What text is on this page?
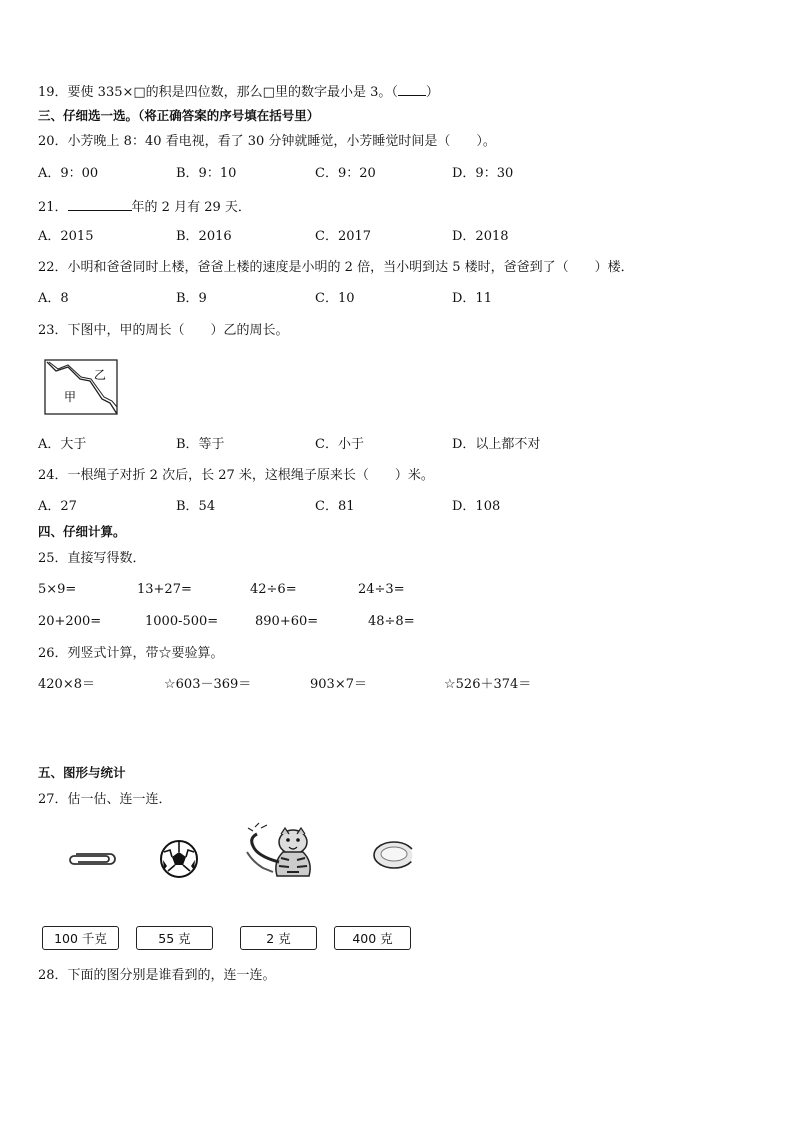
19．要使 335×□的积是四位数，那么□里的数字最小是 3。（ ）
三、仔细选一选。（将正确答案的序号填在括号里）
20．小芳晚上 8：40 看电视，看了 30 分钟就睡觉，小芳睡觉时间是（　　）。
A．9：00	B．9：10	C．9：20	D．9：30
21．	年的 2 月有 29 天．
A．2015	B．2016	C．2017	D．2018
22．小明和爸爸同时上楼，爸爸上楼的速度是小明的 2 倍，当小明到达 5 楼时，爸爸到了（　　）楼．
A．8	B．9	C．10	D．11
23．下图中，甲的周长（　　）乙的周长。
乙
甲
A．大于	B．等于	C．小于	D．以上都不对
24．一根绳子对折 2 次后，长 27 米，这根绳子原来长（　　）米。
A．27	B．54	C．81	D．108
四、仔细计算。
25．直接写得数．
5×9=	13+27=	42÷6=	24÷3=
20+200=	1000-500=	890+60=	48÷8=
26．列竖式计算，带☆要验算。
420×8＝	☆603－369＝	903×7＝	☆526＋374＝
五、图形与统计
27．估一估、连一连．
100 千克	55 克	2 克	400 克
28．下面的图分别是谁看到的，连一连。
